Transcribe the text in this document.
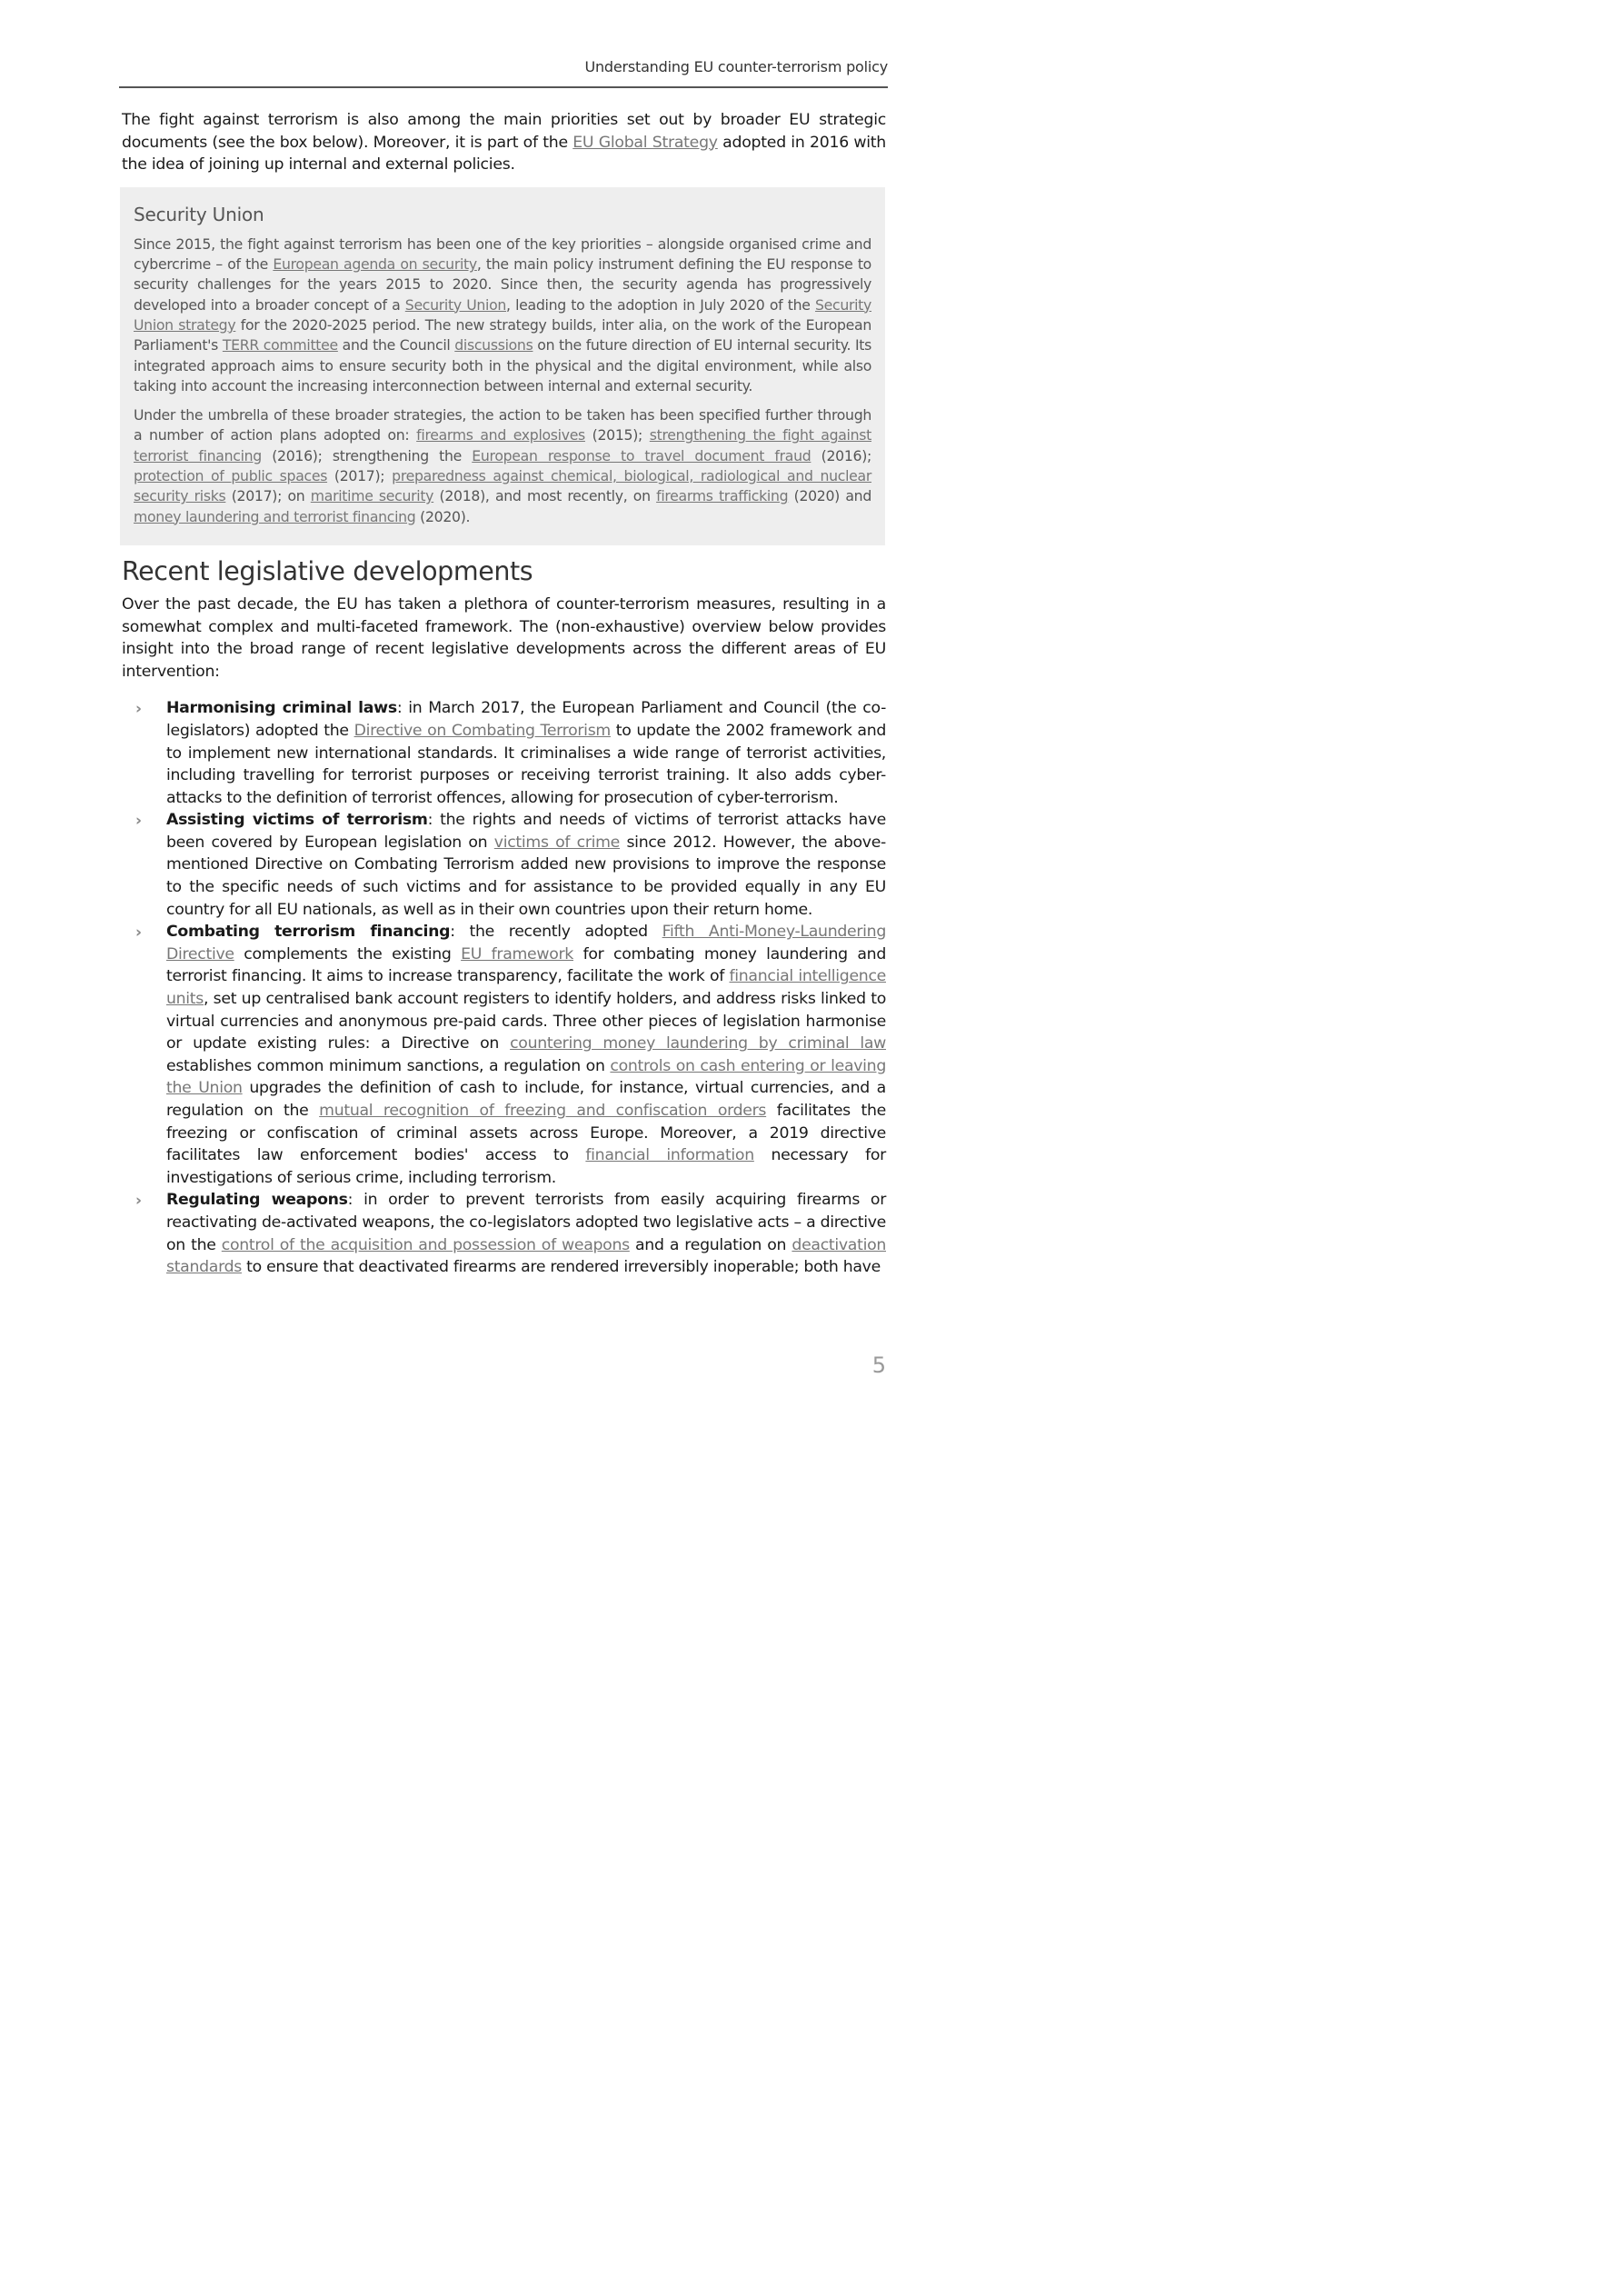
Understanding EU counter-terrorism policy

The fight against terrorism is also among the main priorities set out by broader EU strategic documents (see the box below). Moreover, it is part of the EU Global Strategy adopted in 2016 with the idea of joining up internal and external policies.

Security Union

Since 2015, the fight against terrorism has been one of the key priorities – alongside organised crime and cybercrime – of the European agenda on security, the main policy instrument defining the EU response to security challenges for the years 2015 to 2020. Since then, the security agenda has progressively developed into a broader concept of a Security Union, leading to the adoption in July 2020 of the Security Union strategy for the 2020-2025 period. The new strategy builds, inter alia, on the work of the European Parliament's TERR committee and the Council discussions on the future direction of EU internal security. Its integrated approach aims to ensure security both in the physical and the digital environment, while also taking into account the increasing interconnection between internal and external security.

Under the umbrella of these broader strategies, the action to be taken has been specified further through a number of action plans adopted on: firearms and explosives (2015); strengthening the fight against terrorist financing (2016); strengthening the European response to travel document fraud (2016); protection of public spaces (2017); preparedness against chemical, biological, radiological and nuclear security risks (2017); on maritime security (2018), and most recently, on firearms trafficking (2020) and money laundering and terrorist financing (2020).

Recent legislative developments

Over the past decade, the EU has taken a plethora of counter-terrorism measures, resulting in a somewhat complex and multi-faceted framework. The (non-exhaustive) overview below provides insight into the broad range of recent legislative developments across the different areas of EU intervention:

› Harmonising criminal laws: in March 2017, the European Parliament and Council (the co-legislators) adopted the Directive on Combating Terrorism to update the 2002 framework and to implement new international standards. It criminalises a wide range of terrorist activities, including travelling for terrorist purposes or receiving terrorist training. It also adds cyber-attacks to the definition of terrorist offences, allowing for prosecution of cyber-terrorism.
› Assisting victims of terrorism: the rights and needs of victims of terrorist attacks have been covered by European legislation on victims of crime since 2012. However, the above-mentioned Directive on Combating Terrorism added new provisions to improve the response to the specific needs of such victims and for assistance to be provided equally in any EU country for all EU nationals, as well as in their own countries upon their return home.
› Combating terrorism financing: the recently adopted Fifth Anti-Money-Laundering Directive complements the existing EU framework for combating money laundering and terrorist financing. It aims to increase transparency, facilitate the work of financial intelligence units, set up centralised bank account registers to identify holders, and address risks linked to virtual currencies and anonymous pre-paid cards. Three other pieces of legislation harmonise or update existing rules: a Directive on countering money laundering by criminal law establishes common minimum sanctions, a regulation on controls on cash entering or leaving the Union upgrades the definition of cash to include, for instance, virtual currencies, and a regulation on the mutual recognition of freezing and confiscation orders facilitates the freezing or confiscation of criminal assets across Europe. Moreover, a 2019 directive facilitates law enforcement bodies' access to financial information necessary for investigations of serious crime, including terrorism.
› Regulating weapons: in order to prevent terrorists from easily acquiring firearms or reactivating de-activated weapons, the co-legislators adopted two legislative acts – a directive on the control of the acquisition and possession of weapons and a regulation on deactivation standards to ensure that deactivated firearms are rendered irreversibly inoperable; both have
5
